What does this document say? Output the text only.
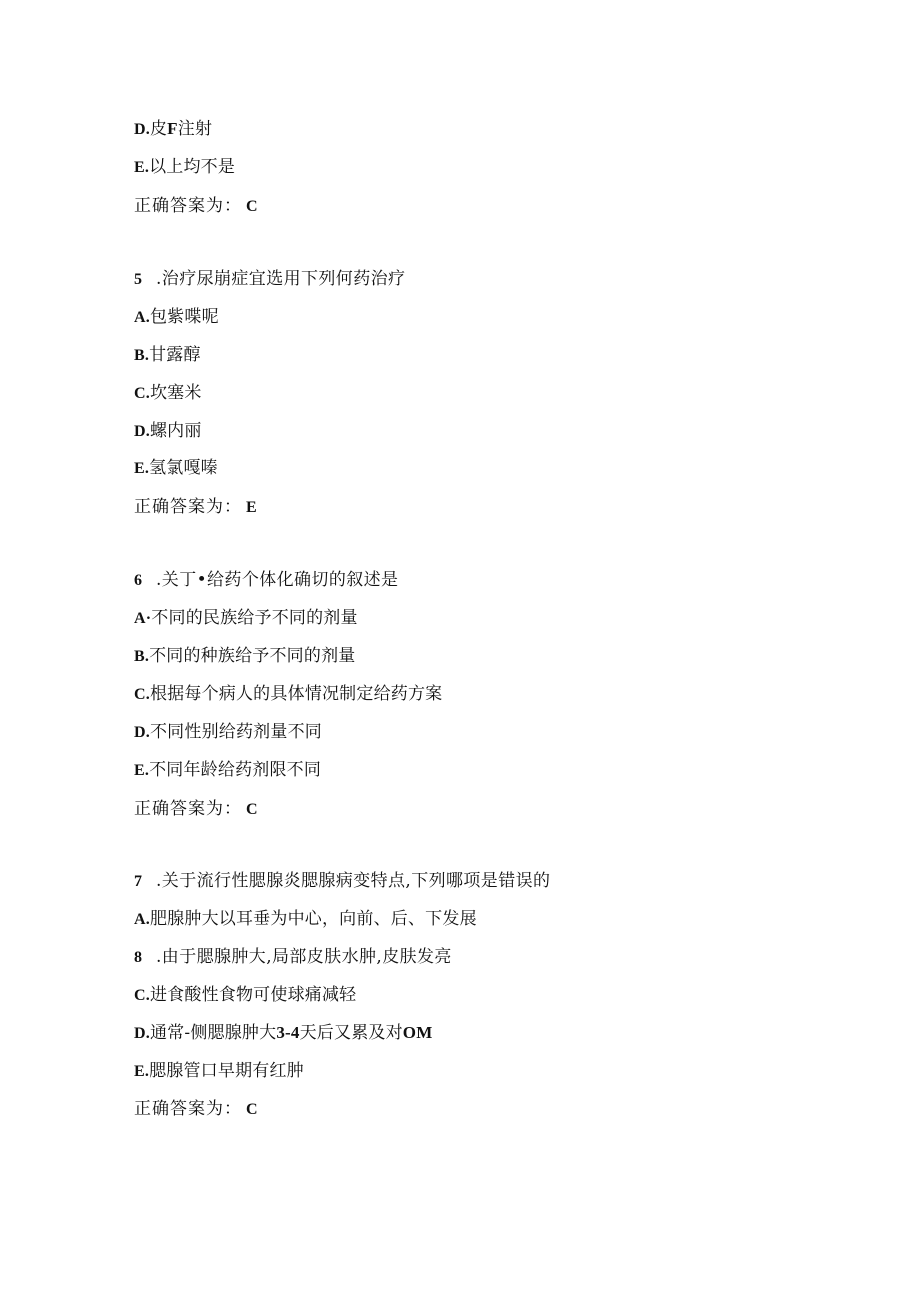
D.皮F注射
E.以上均不是
正确答案为： C
5 .治疗尿崩症宜选用下列何药治疗
A.包紫喋呢
B.甘露醇
C.坎塞米
D.螺内丽
E.氢氯嘎嗪
正确答案为： E
6 .关丁•给药个体化确切的叙述是
A·不同的民族给予不同的剂量
B.不同的种族给予不同的剂量
C.根据每个病人的具体情况制定给药方案
D.不同性别给药剂量不同
E.不同年龄给药剂限不同
正确答案为： C
7 .关于流行性腮腺炎腮腺病变特点,下列哪项是错误的
A.肥腺肿大以耳垂为中心，向前、后、下发展
8 .由于腮腺肿大,局部皮肤水肿,皮肤发亮
C.进食酸性食物可使球痛减轻
D.通常-侧腮腺肿大3-4天后又累及对OM
E.腮腺管口早期有红肿
正确答案为： C
